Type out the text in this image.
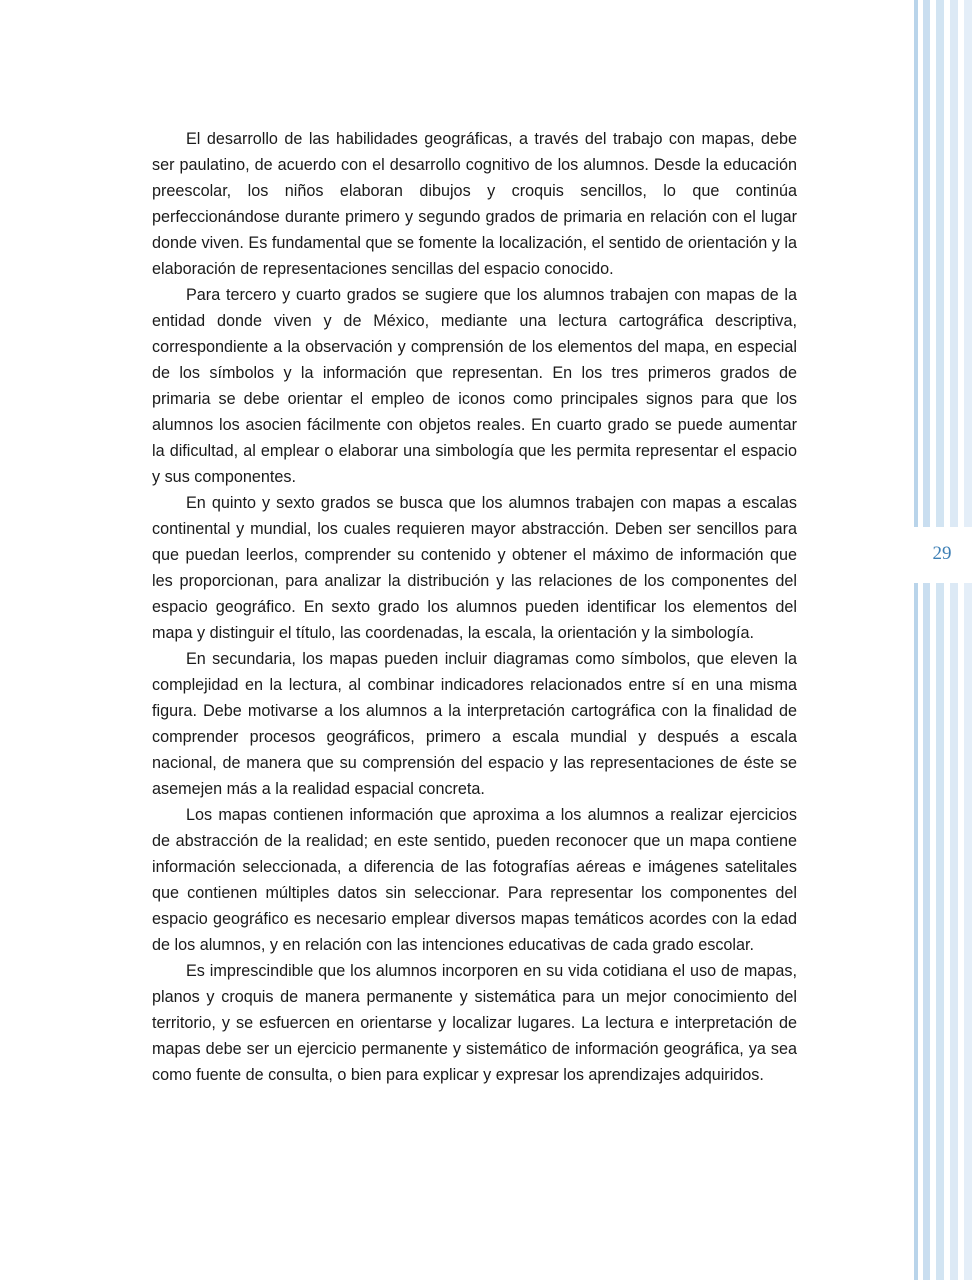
El desarrollo de las habilidades geográficas, a través del trabajo con mapas, debe ser paulatino, de acuerdo con el desarrollo cognitivo de los alumnos. Desde la educación preescolar, los niños elaboran dibujos y croquis sencillos, lo que continúa perfeccionándose durante primero y segundo grados de primaria en relación con el lugar donde viven. Es fundamental que se fomente la localización, el sentido de orientación y la elaboración de representaciones sencillas del espacio conocido.

Para tercero y cuarto grados se sugiere que los alumnos trabajen con mapas de la entidad donde viven y de México, mediante una lectura cartográfica descriptiva, correspondiente a la observación y comprensión de los elementos del mapa, en especial de los símbolos y la información que representan. En los tres primeros grados de primaria se debe orientar el empleo de iconos como principales signos para que los alumnos los asocien fácilmente con objetos reales. En cuarto grado se puede aumentar la dificultad, al emplear o elaborar una simbología que les permita representar el espacio y sus componentes.

En quinto y sexto grados se busca que los alumnos trabajen con mapas a escalas continental y mundial, los cuales requieren mayor abstracción. Deben ser sencillos para que puedan leerlos, comprender su contenido y obtener el máximo de información que les proporcionan, para analizar la distribución y las relaciones de los componentes del espacio geográfico. En sexto grado los alumnos pueden identificar los elementos del mapa y distinguir el título, las coordenadas, la escala, la orientación y la simbología.

En secundaria, los mapas pueden incluir diagramas como símbolos, que eleven la complejidad en la lectura, al combinar indicadores relacionados entre sí en una misma figura. Debe motivarse a los alumnos a la interpretación cartográfica con la finalidad de comprender procesos geográficos, primero a escala mundial y después a escala nacional, de manera que su comprensión del espacio y las representaciones de éste se asemejen más a la realidad espacial concreta.

Los mapas contienen información que aproxima a los alumnos a realizar ejercicios de abstracción de la realidad; en este sentido, pueden reconocer que un mapa contiene información seleccionada, a diferencia de las fotografías aéreas e imágenes satelitales que contienen múltiples datos sin seleccionar. Para representar los componentes del espacio geográfico es necesario emplear diversos mapas temáticos acordes con la edad de los alumnos, y en relación con las intenciones educativas de cada grado escolar.

Es imprescindible que los alumnos incorporen en su vida cotidiana el uso de mapas, planos y croquis de manera permanente y sistemática para un mejor conocimiento del territorio, y se esfuercen en orientarse y localizar lugares. La lectura e interpretación de mapas debe ser un ejercicio permanente y sistemático de información geográfica, ya sea como fuente de consulta, o bien para explicar y expresar los aprendizajes adquiridos.

29
